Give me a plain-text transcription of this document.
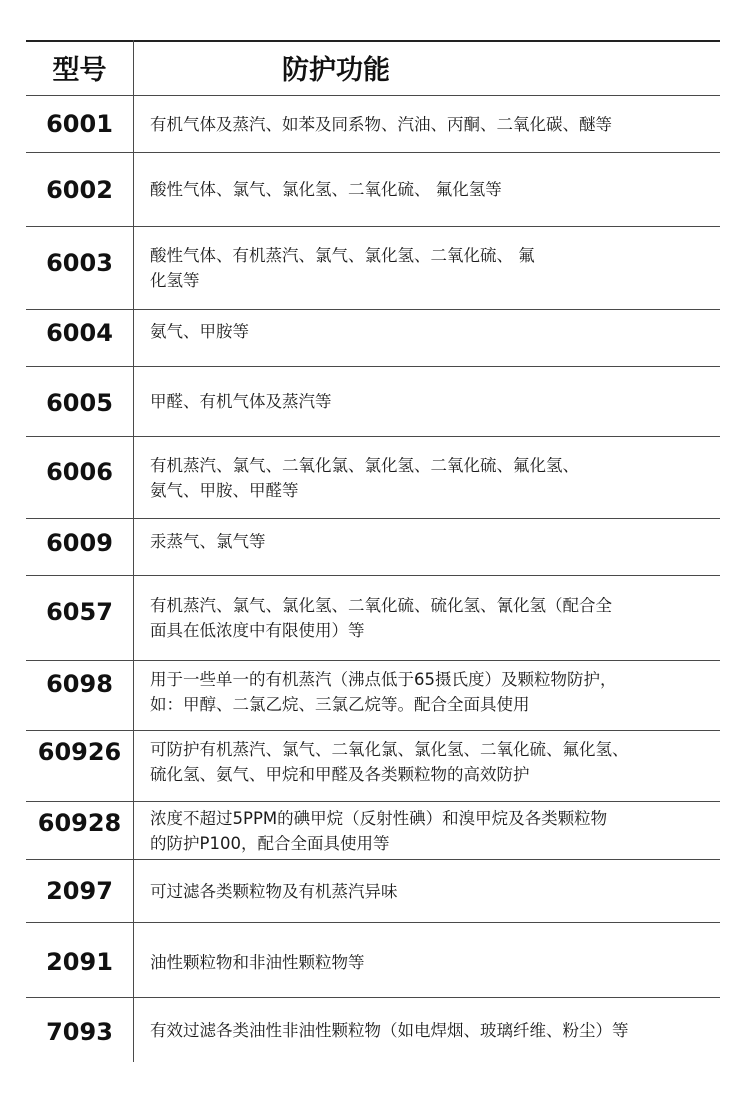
型号	防护功能
6001	有机气体及蒸汽、如苯及同系物、汽油、丙酮、二氧化碳、醚等
6002	酸性气体、氯气、氯化氢、二氧化硫、 氟化氢等
6003	酸性气体、有机蒸汽、氯气、氯化氢、二氧化硫、 氟
化氢等
6004	氨气、甲胺等
6005	甲醛、有机气体及蒸汽等
6006	有机蒸汽、氯气、二氧化氯、氯化氢、二氧化硫、氟化氢、
氨气、甲胺、甲醛等
6009	汞蒸气、氯气等
6057	有机蒸汽、氯气、氯化氢、二氧化硫、硫化氢、氰化氢（配合全
面具在低浓度中有限使用）等
6098	用于一些单一的有机蒸汽（沸点低于65摄氏度）及颗粒物防护，
如：甲醇、二氯乙烷、三氯乙烷等。配合全面具使用
60926	可防护有机蒸汽、氯气、二氧化氯、氯化氢、二氧化硫、氟化氢、
硫化氢、氨气、甲烷和甲醛及各类颗粒物的高效防护
60928	浓度不超过5PPM的碘甲烷（反射性碘）和溴甲烷及各类颗粒物
的防护P100，配合全面具使用等
2097	可过滤各类颗粒物及有机蒸汽异味
2091	油性颗粒物和非油性颗粒物等
7093	有效过滤各类油性非油性颗粒物（如电焊烟、玻璃纤维、粉尘）等
